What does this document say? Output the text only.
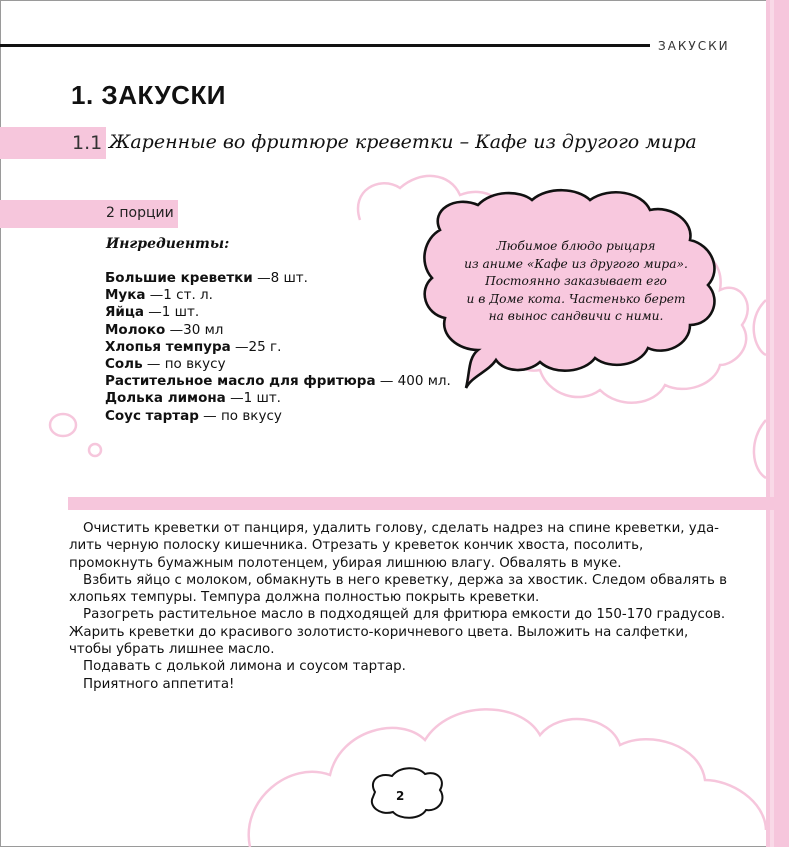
ЗАКУСКИ
1. ЗАКУСКИ
1.1 Жаренные во фритюре креветки – Кафе из другого мира
2 порции
Ингредиенты:
Большие креветки —8 шт.
Мука —1 ст. л.
Яйца —1 шт.
Молоко —30 мл
Хлопья темпура —25 г.
Соль — по вкусу
Растительное масло для фритюра — 400 мл.
Долька лимона —1 шт.
Соус тартар — по вкусу
Любимое блюдо рыцаря
из аниме «Кафе из другого мира».
Постоянно заказывает его
и в Доме кота. Частенько берет
на вынос сандвичи с ними.

Очистить креветки от панциря, удалить голову, сделать надрез на спине креветки, уда-лить черную полоску кишечника. Отрезать у креветок кончик хвоста, посолить, промокнуть бумажным полотенцем, убирая лишнюю влагу. Обвалять в муке.

Взбить яйцо с молоком, обмакнуть в него креветку, держа за хвостик. Следом обвалять в хлопьях темпуры. Темпура должна полностью покрыть креветки.

Разогреть растительное масло в подходящей для фритюра емкости до 150-170 градусов. Жарить креветки до красивого золотисто-коричневого цвета. Выложить на салфетки, чтобы убрать лишнее масло.

Подавать с долькой лимона и соусом тартар.

Приятного аппетита!

2
